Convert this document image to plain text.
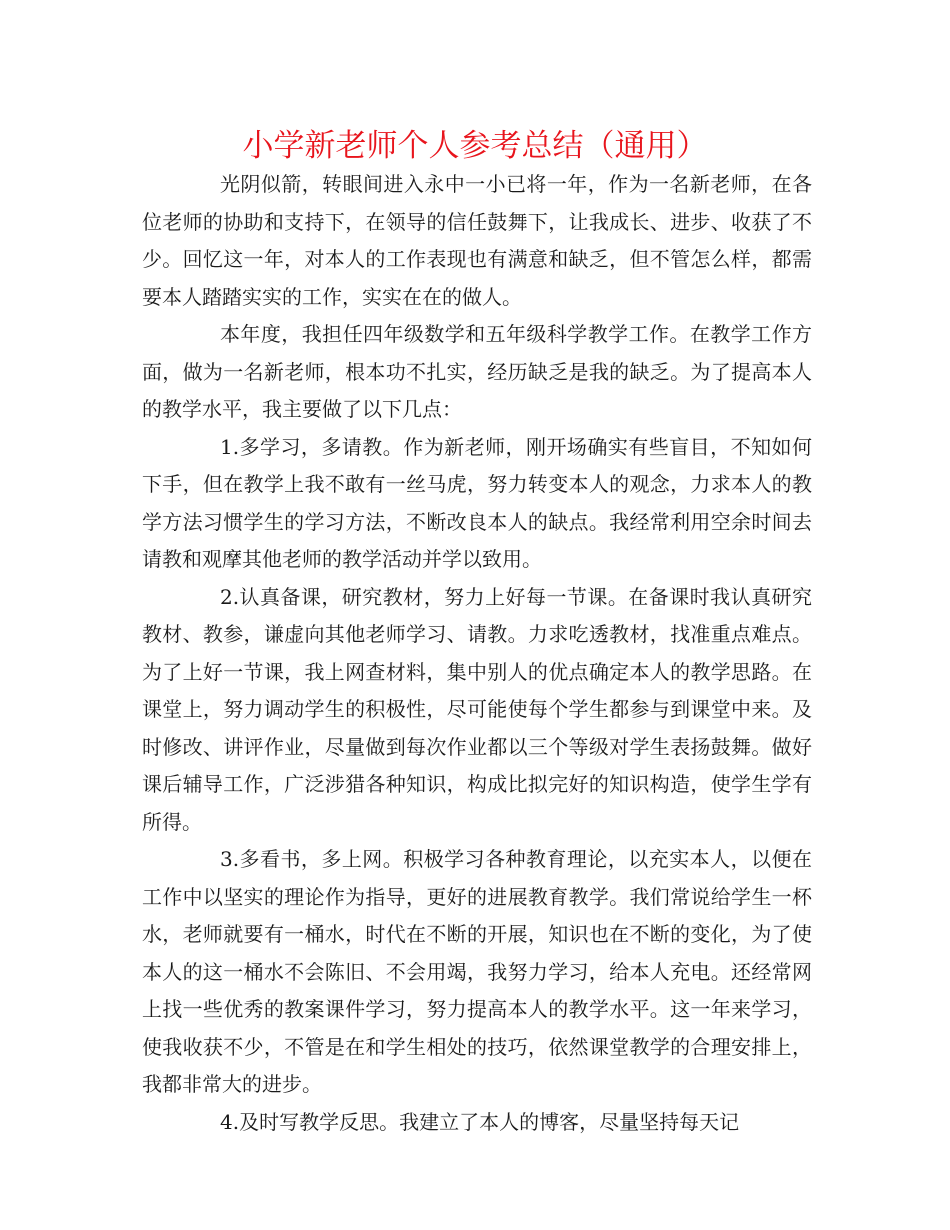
小学新老师个人参考总结（通用）

光阴似箭，转眼间进入永中一小已将一年，作为一名新老师，在各位老师的协助和支持下，在领导的信任鼓舞下，让我成长、进步、收获了不少。回忆这一年，对本人的工作表现也有满意和缺乏，但不管怎么样，都需要本人踏踏实实的工作，实实在在的做人。

本年度，我担任四年级数学和五年级科学教学工作。在教学工作方面，做为一名新老师，根本功不扎实，经历缺乏是我的缺乏。为了提高本人的教学水平，我主要做了以下几点：

1.多学习，多请教。作为新老师，刚开场确实有些盲目，不知如何下手，但在教学上我不敢有一丝马虎，努力转变本人的观念，力求本人的教学方法习惯学生的学习方法，不断改良本人的缺点。我经常利用空余时间去请教和观摩其他老师的教学活动并学以致用。

2.认真备课，研究教材，努力上好每一节课。在备课时我认真研究教材、教参，谦虚向其他老师学习、请教。力求吃透教材，找准重点难点。为了上好一节课，我上网查材料，集中别人的优点确定本人的教学思路。在课堂上，努力调动学生的积极性，尽可能使每个学生都参与到课堂中来。及时修改、讲评作业，尽量做到每次作业都以三个等级对学生表扬鼓舞。做好课后辅导工作，广泛涉猎各种知识，构成比拟完好的知识构造，使学生学有所得。

3.多看书，多上网。积极学习各种教育理论，以充实本人，以便在工作中以坚实的理论作为指导，更好的进展教育教学。我们常说给学生一杯水，老师就要有一桶水，时代在不断的开展，知识也在不断的变化，为了使本人的这一桶水不会陈旧、不会用竭，我努力学习，给本人充电。还经常网上找一些优秀的教案课件学习，努力提高本人的教学水平。这一年来学习，使我收获不少，不管是在和学生相处的技巧，依然课堂教学的合理安排上，我都非常大的进步。

4.及时写教学反思。我建立了本人的博客，尽量坚持每天记
